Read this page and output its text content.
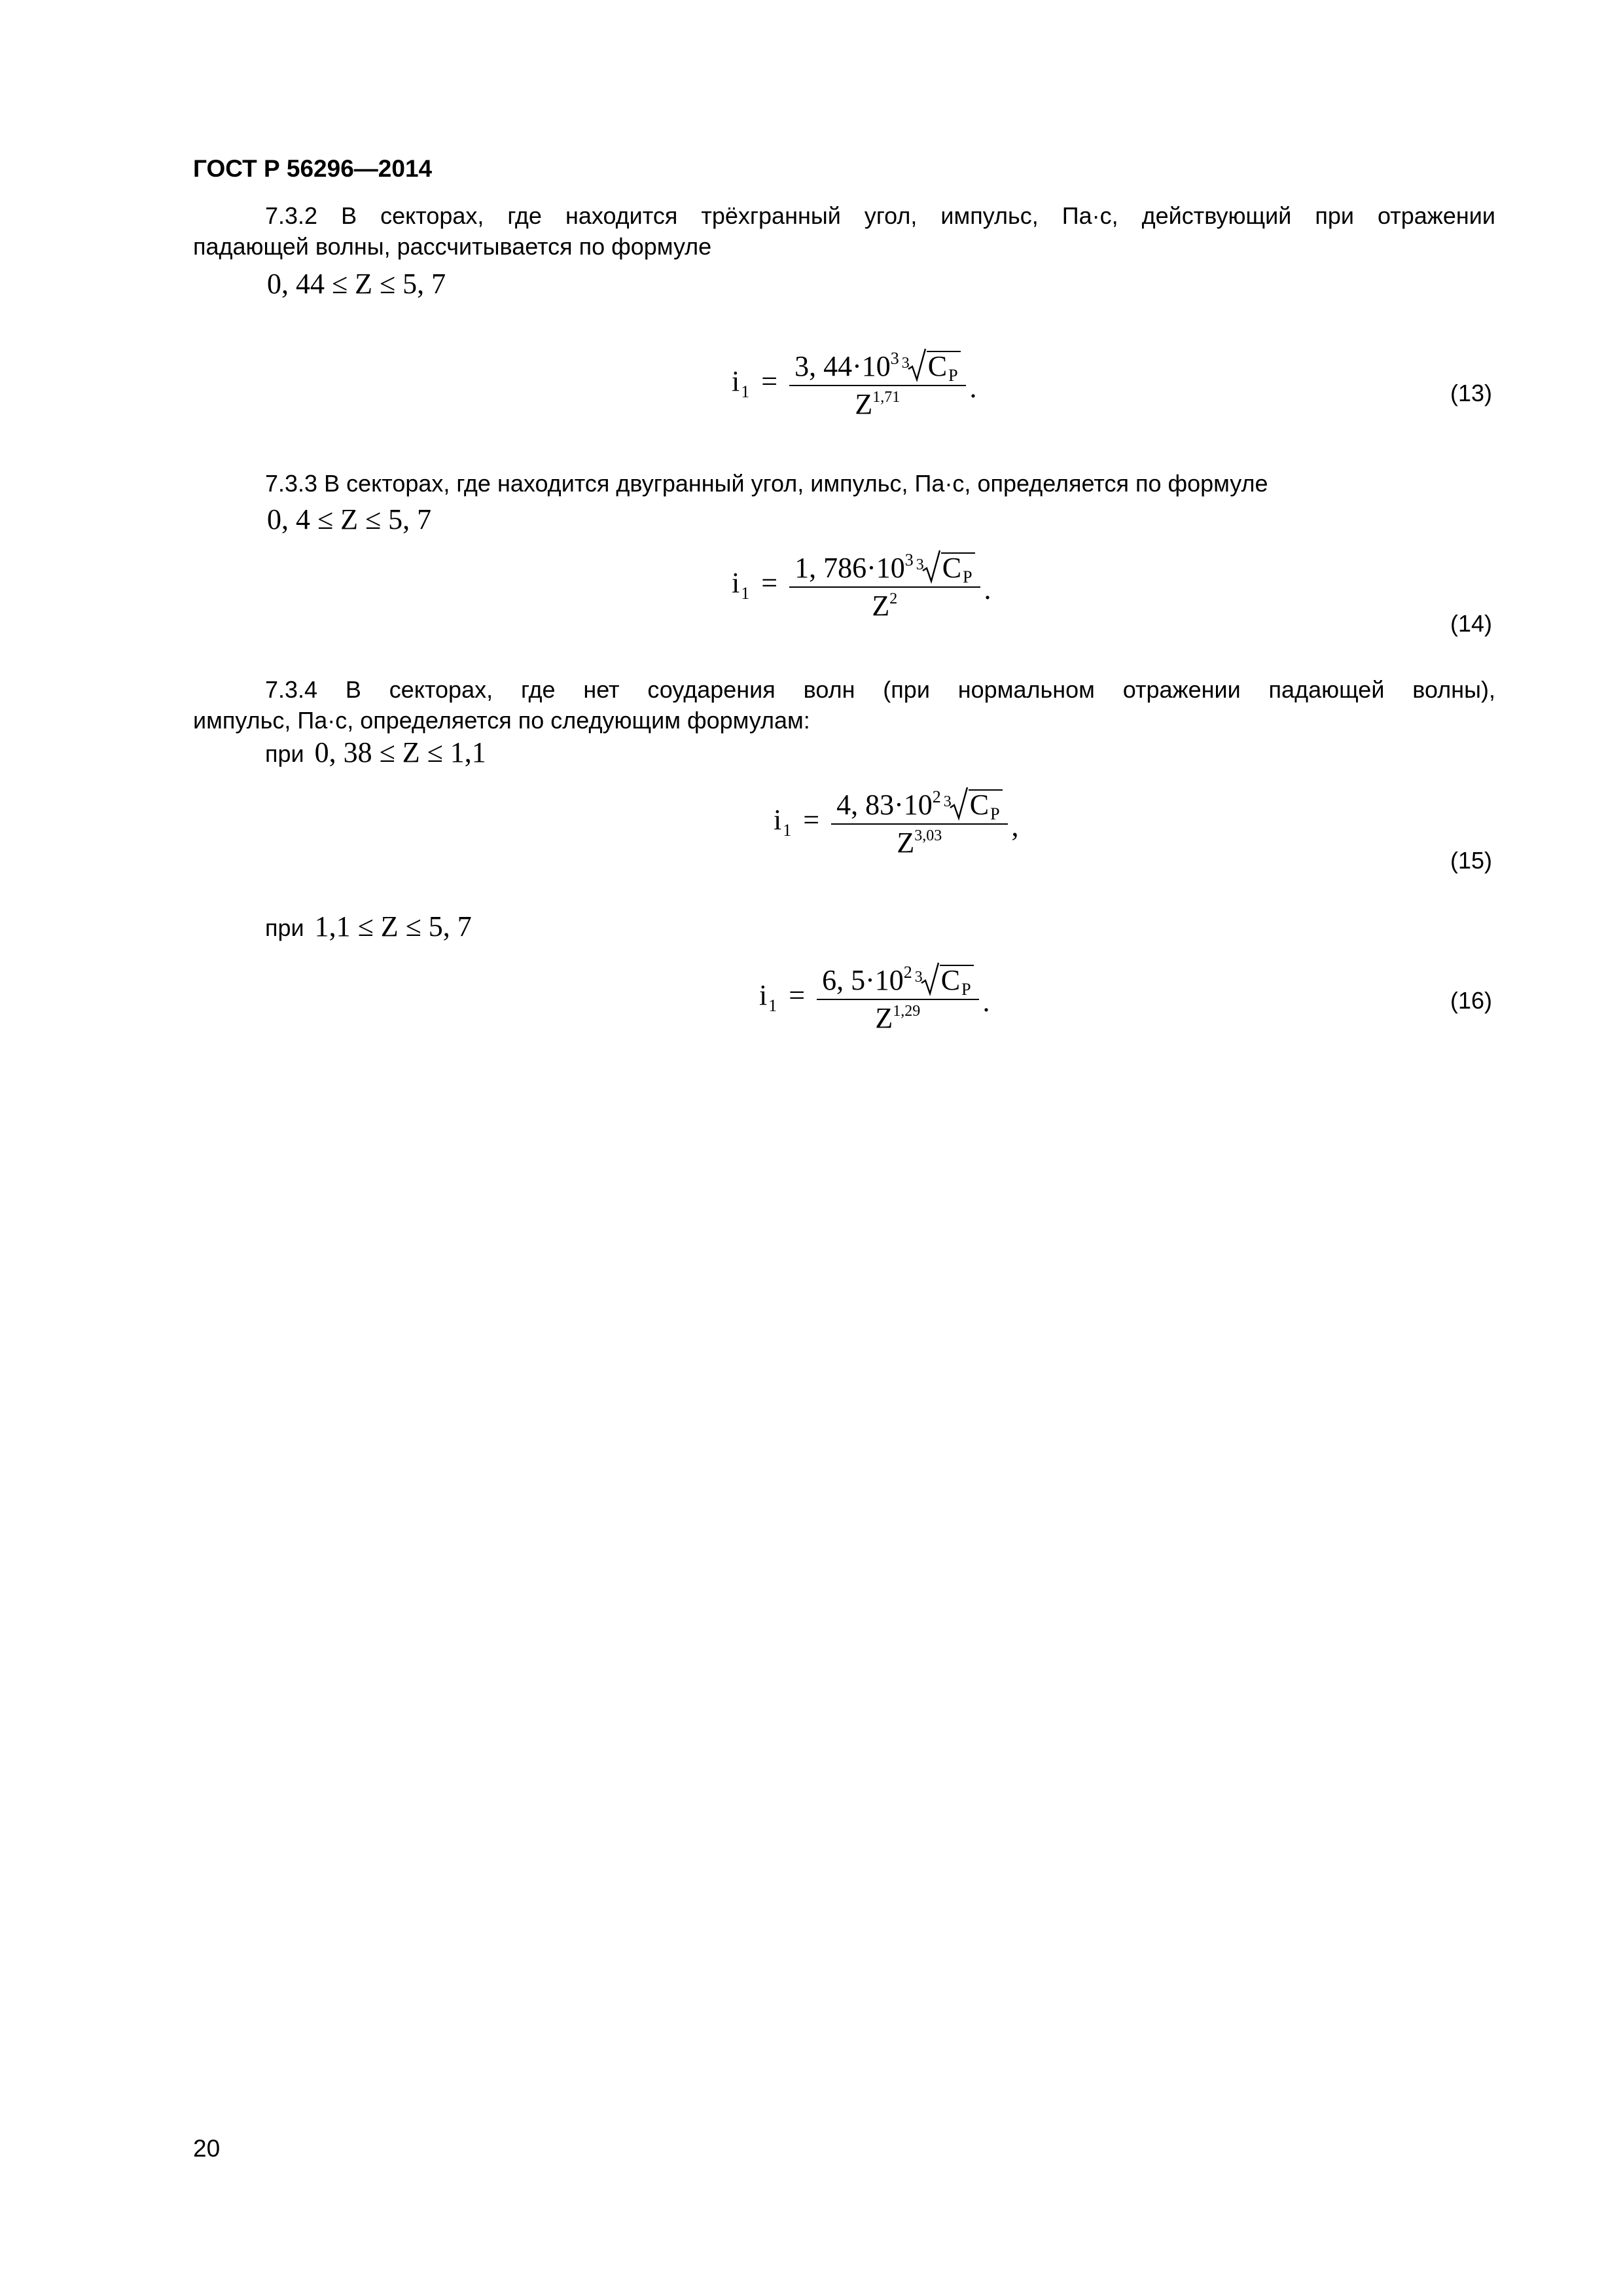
ГОСТ Р 56296—2014
7.3.2 В секторах, где находится трёхгранный угол, импульс, Па·с, действующий при отражении
падающей волны, рассчитывается по формуле
0, 44 ≤ Z ≤ 5, 7
i $1 = \frac{\text{3, 44·10 3 3 C P}}{Z 1,71}$ .	(13)
7.3.3 В секторах, где находится двугранный угол, импульс, Па·с, определяется по формуле
0, 4 ≤ Z ≤ 5, 7
i $1 = \frac{\text{1, 786·10 3 3 C P}}{Z 2}$ .
(14)
7.3.4 В секторах, где нет соударения волн (при нормальном отражении падающей волны),
импульс, Па·с, определяется по следующим формулам:
при 0, 38 ≤ Z ≤ 1,1
i $1 = \frac{\text{4, 83·10 2 3 C P}}{Z 3,03}$ ,
(15)
при 1,1 ≤ Z ≤ 5, 7
i $1 = \frac{\text{6, 5·10 2 3 C P}}{Z 1,29}$ .	(16)
20
